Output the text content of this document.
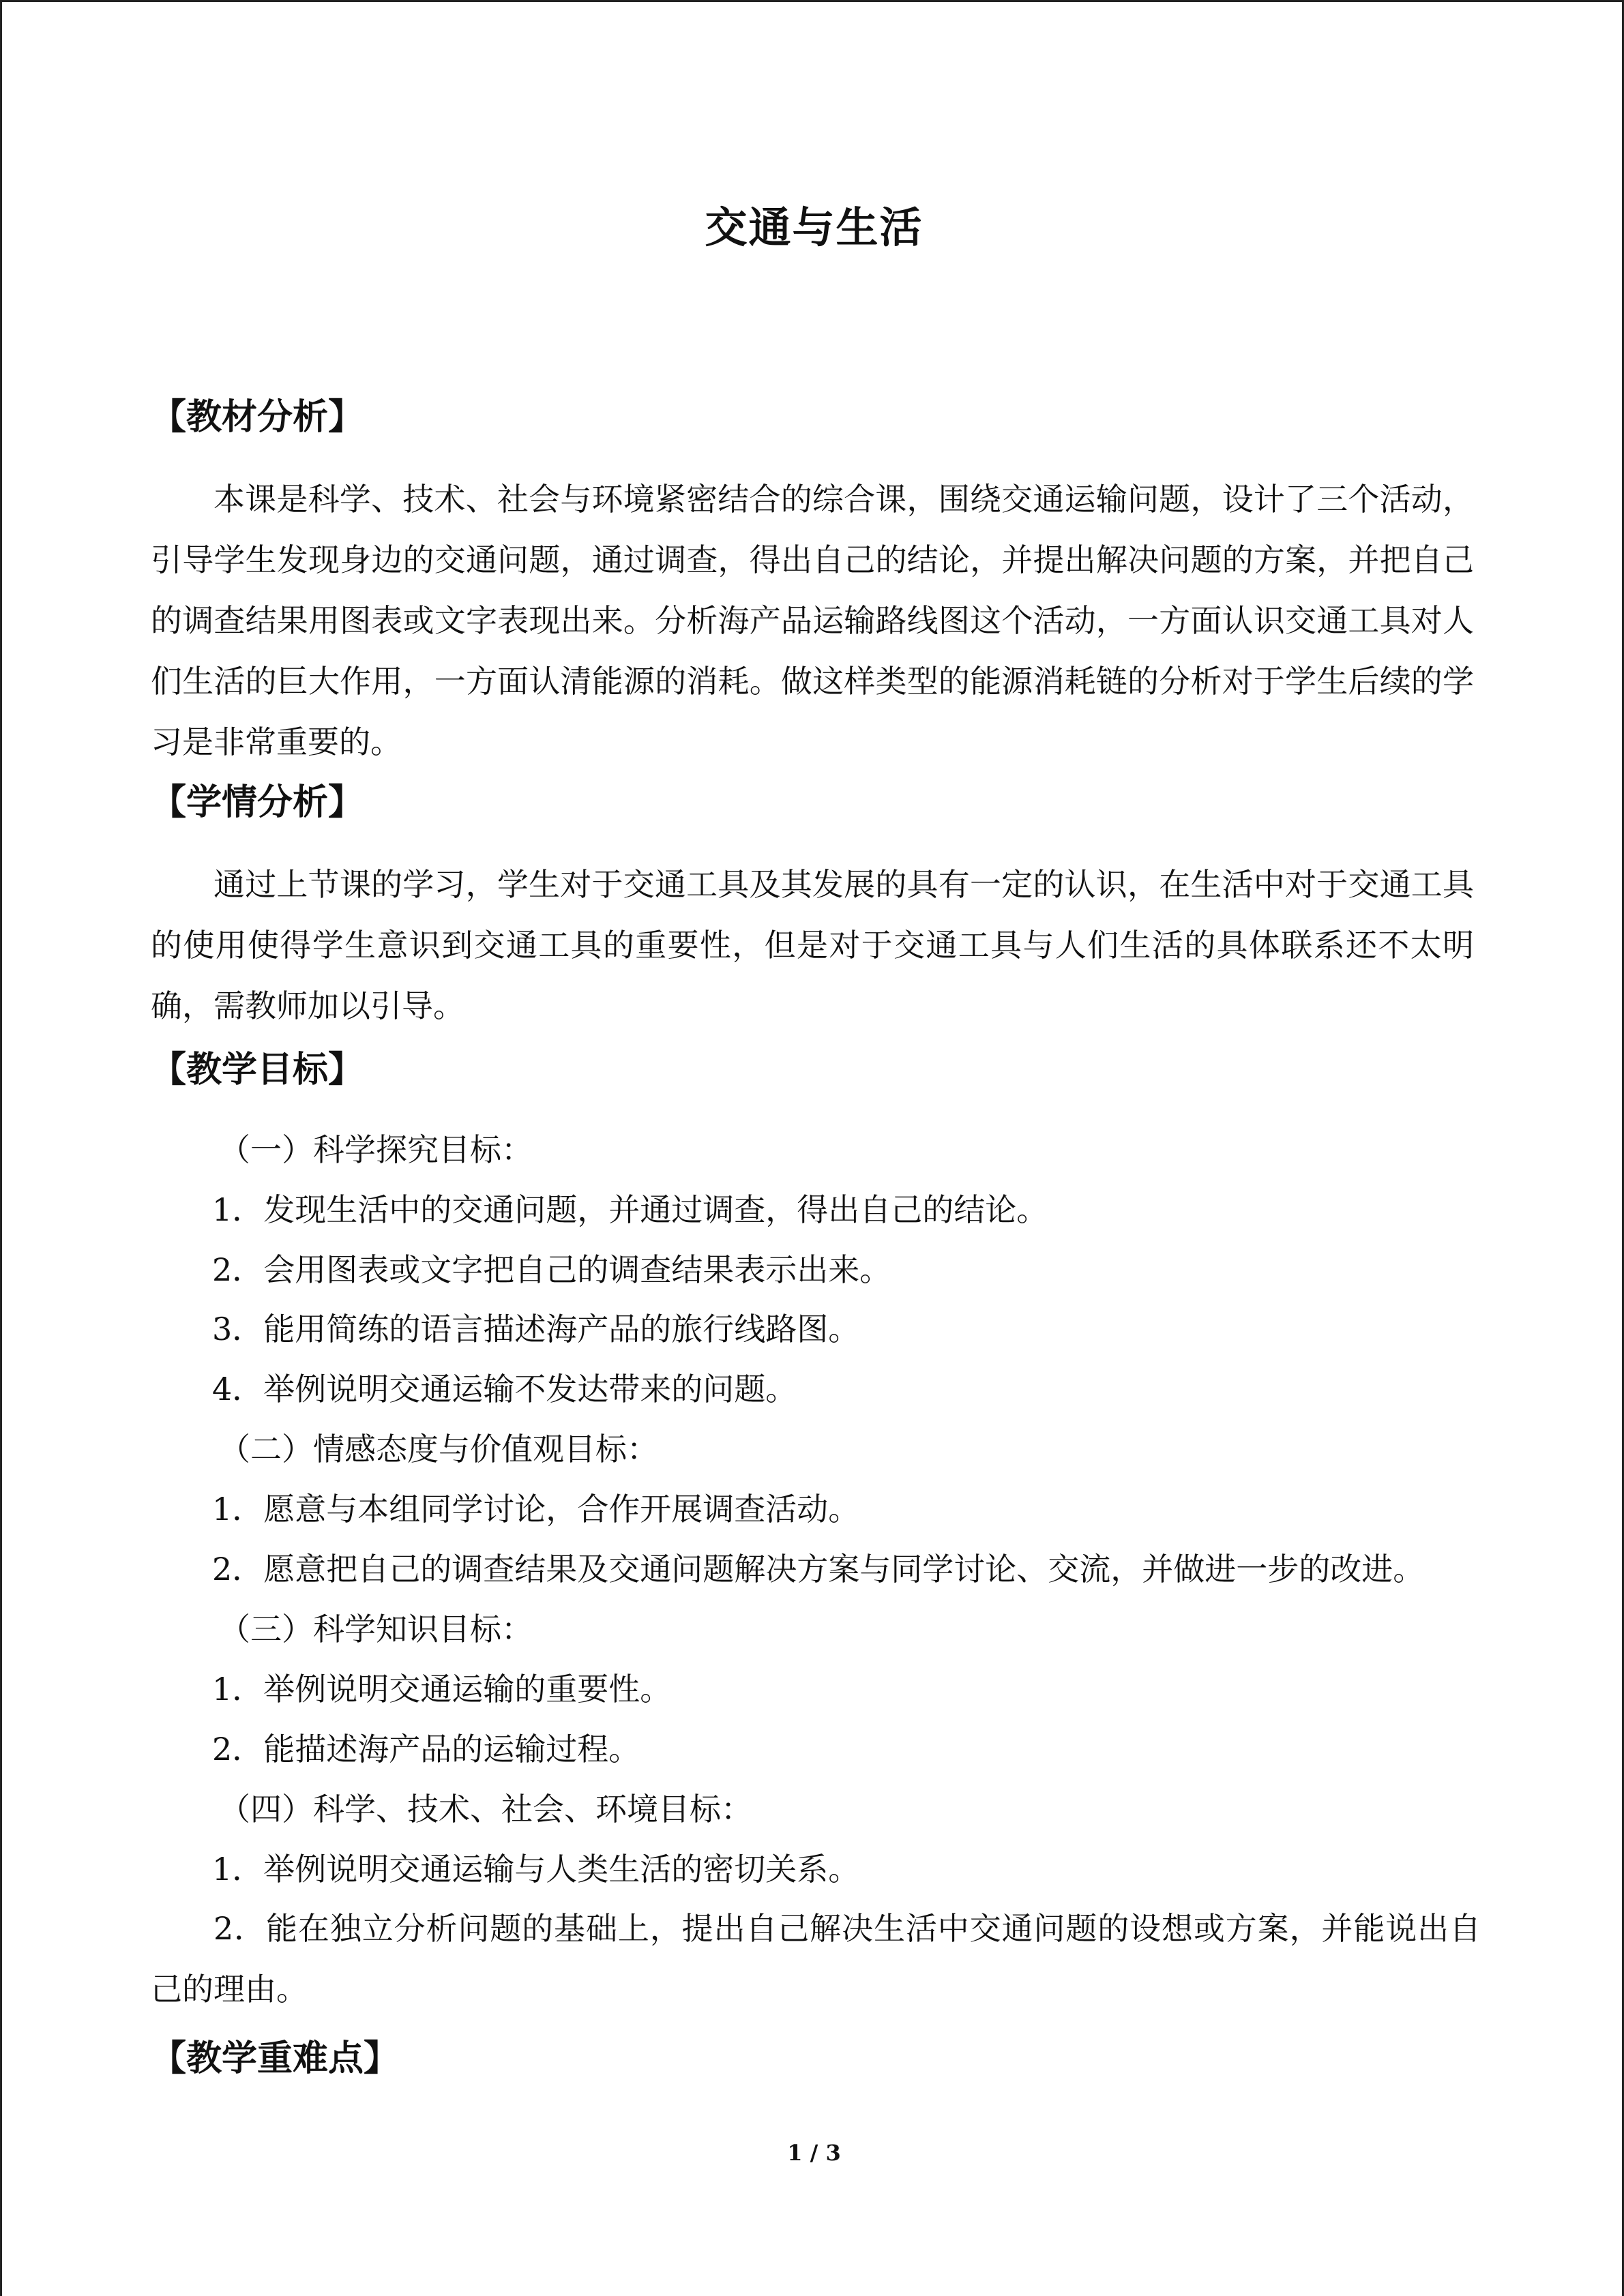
交通与生活
【教材分析】

本课是科学、技术、社会与环境紧密结合的综合课，围绕交通运输问题，设计了三个活动，引导学生发现身边的交通问题，通过调查，得出自己的结论，并提出解决问题的方案，并把自己的调查结果用图表或文字表现出来。分析海产品运输路线图这个活动，一方面认识交通工具对人们生活的巨大作用，一方面认清能源的消耗。做这样类型的能源消耗链的分析对于学生后续的学习是非常重要的。

【学情分析】

通过上节课的学习，学生对于交通工具及其发展的具有一定的认识，在生活中对于交通工具的使用使得学生意识到交通工具的重要性，但是对于交通工具与人们生活的具体联系还不太明确，需教师加以引导。

【教学目标】
（一）科学探究目标：
1．发现生活中的交通问题，并通过调查，得出自己的结论。
2．会用图表或文字把自己的调查结果表示出来。
3．能用简练的语言描述海产品的旅行线路图。
4．举例说明交通运输不发达带来的问题。
（二）情感态度与价值观目标：
1．愿意与本组同学讨论，合作开展调查活动。
2．愿意把自己的调查结果及交通问题解决方案与同学讨论、交流，并做进一步的改进。
（三）科学知识目标：
1．举例说明交通运输的重要性。
2．能描述海产品的运输过程。
（四）科学、技术、社会、环境目标：
1．举例说明交通运输与人类生活的密切关系。

2．能在独立分析问题的基础上，提出自己解决生活中交通问题的设想或方案，并能说出自己的理由。

【教学重难点】
1 / 3
